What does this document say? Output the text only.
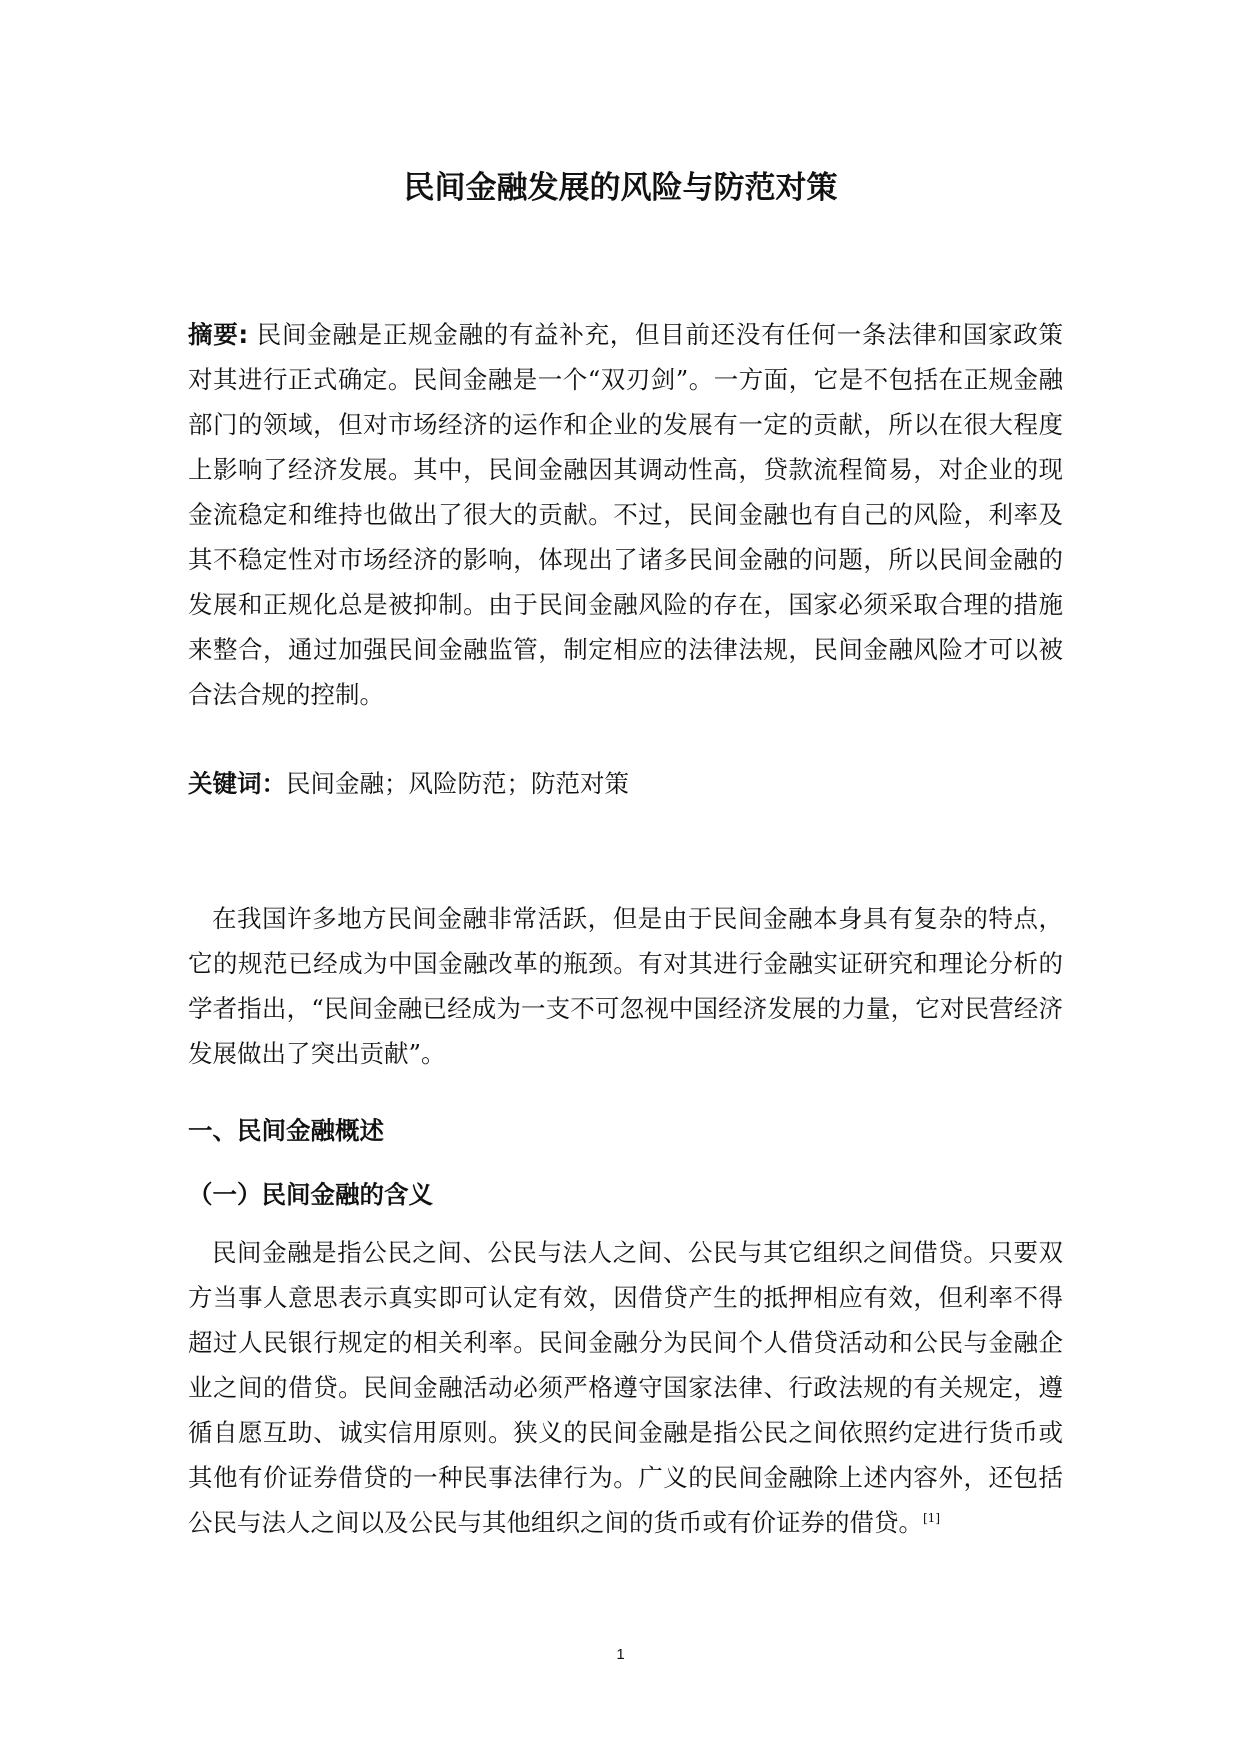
民间金融发展的风险与防范对策
摘要: 民间金融是正规金融的有益补充，但目前还没有任何一条法律和国家政策对其进行正式确定。民间金融是一个“双刃剑”。一方面，它是不包括在正规金融部门的领域，但对市场经济的运作和企业的发展有一定的贡献，所以在很大程度上影响了经济发展。其中，民间金融因其调动性高，贷款流程简易，对企业的现金流稳定和维持也做出了很大的贡献。不过，民间金融也有自己的风险，利率及其不稳定性对市场经济的影响，体现出了诸多民间金融的问题，所以民间金融的发展和正规化总是被抑制。由于民间金融风险的存在，国家必须采取合理的措施来整合，通过加强民间金融监管，制定相应的法律法规，民间金融风险才可以被合法合规的控制。
关键词：民间金融；风险防范；防范对策
在我国许多地方民间金融非常活跃，但是由于民间金融本身具有复杂的特点，它的规范已经成为中国金融改革的瓶颈。有对其进行金融实证研究和理论分析的学者指出，“民间金融已经成为一支不可忽视中国经济发展的力量，它对民营经济发展做出了突出贡献”。
一、民间金融概述
（一）民间金融的含义
民间金融是指公民之间、公民与法人之间、公民与其它组织之间借贷。只要双方当事人意思表示真实即可认定有效，因借贷产生的抵押相应有效，但利率不得超过人民银行规定的相关利率。民间金融分为民间个人借贷活动和公民与金融企业之间的借贷。民间金融活动必须严格遵守国家法律、行政法规的有关规定，遵循自愿互助、诚实信用原则。狭义的民间金融是指公民之间依照约定进行货币或其他有价证券借贷的一种民事法律行为。广义的民间金融除上述内容外，还包括公民与法人之间以及公民与其他组织之间的货币或有价证券的借贷。[1]
1
